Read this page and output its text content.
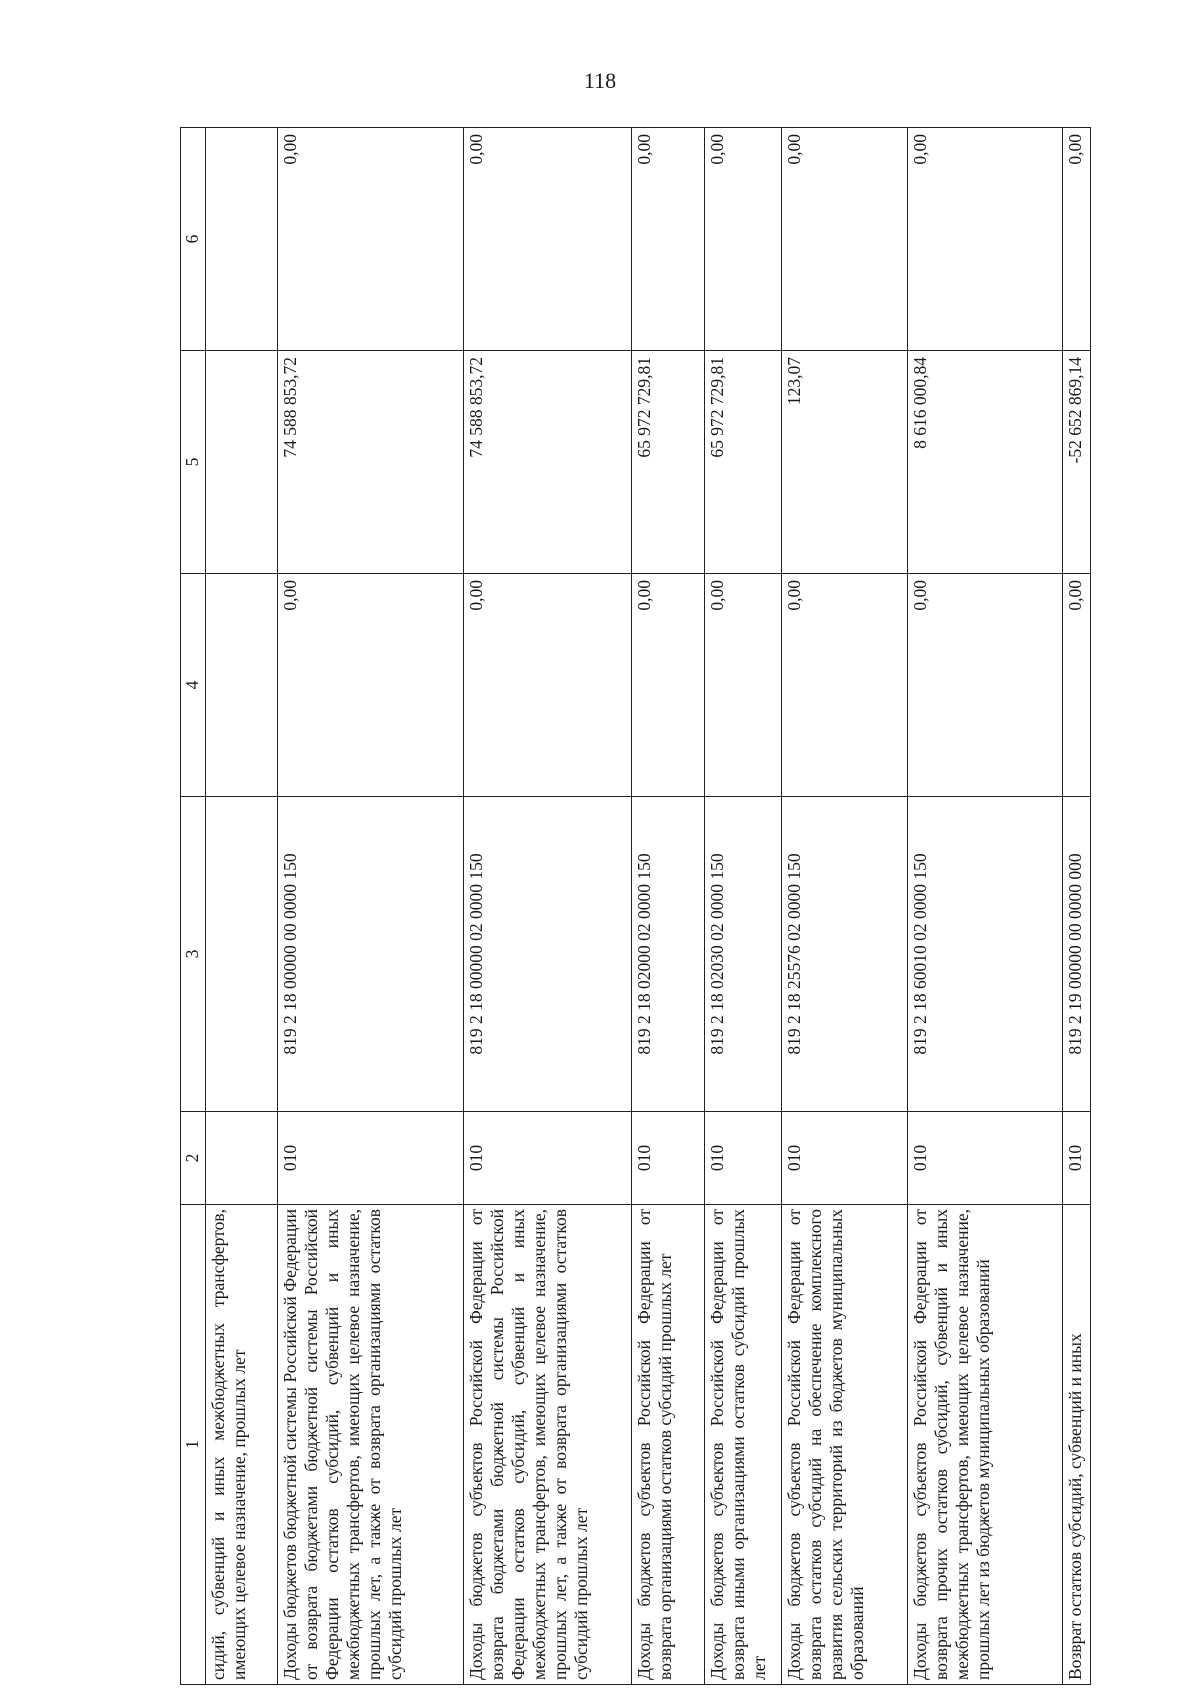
118
1	2	3	4	5	6
сидий, субвенций и иных межбюджетных трансфертов, имеющих целевое назначение, прошлых лет					
Доходы бюджетов бюджетной системы Российской Федерации от возврата бюджетами бюджетной системы Российской Федерации остатков субсидий, субвенций и иных межбюджетных трансфертов, имеющих целевое назначение, прошлых лет, а также от возврата организациями остатков субсидий прошлых лет	010	819 2 18 00000 00 0000 150	0,00	74 588 853,72	0,00
Доходы бюджетов субъектов Российской Федерации от возврата бюджетами бюджетной системы Российской Федерации остатков субсидий, субвенций и иных межбюджетных трансфертов, имеющих целевое назначение, прошлых лет, а также от возврата организациями остатков субсидий прошлых лет	010	819 2 18 00000 02 0000 150	0,00	74 588 853,72	0,00
Доходы бюджетов субъектов Российской Федерации от возврата организациями остатков субсидий прошлых лет	010	819 2 18 02000 02 0000 150	0,00	65 972 729,81	0,00
Доходы бюджетов субъектов Российской Федерации от возврата иными организациями остатков субсидий прошлых лет	010	819 2 18 02030 02 0000 150	0,00	65 972 729,81	0,00
Доходы бюджетов субъектов Российской Федерации от возврата остатков субсидий на обеспечение комплексного развития сельских территорий из бюджетов муниципальных образований	010	819 2 18 25576 02 0000 150	0,00	123,07	0,00
Доходы бюджетов субъектов Российской Федерации от возврата прочих остатков субсидий, субвенций и иных межбюджетных трансфертов, имеющих целевое назначение, прошлых лет из бюджетов муниципальных образований	010	819 2 18 60010 02 0000 150	0,00	8 616 000,84	0,00
Возврат остатков субсидий, субвенций и иных	010	819 2 19 00000 00 0000 000	0,00	-52 652 869,14	0,00
